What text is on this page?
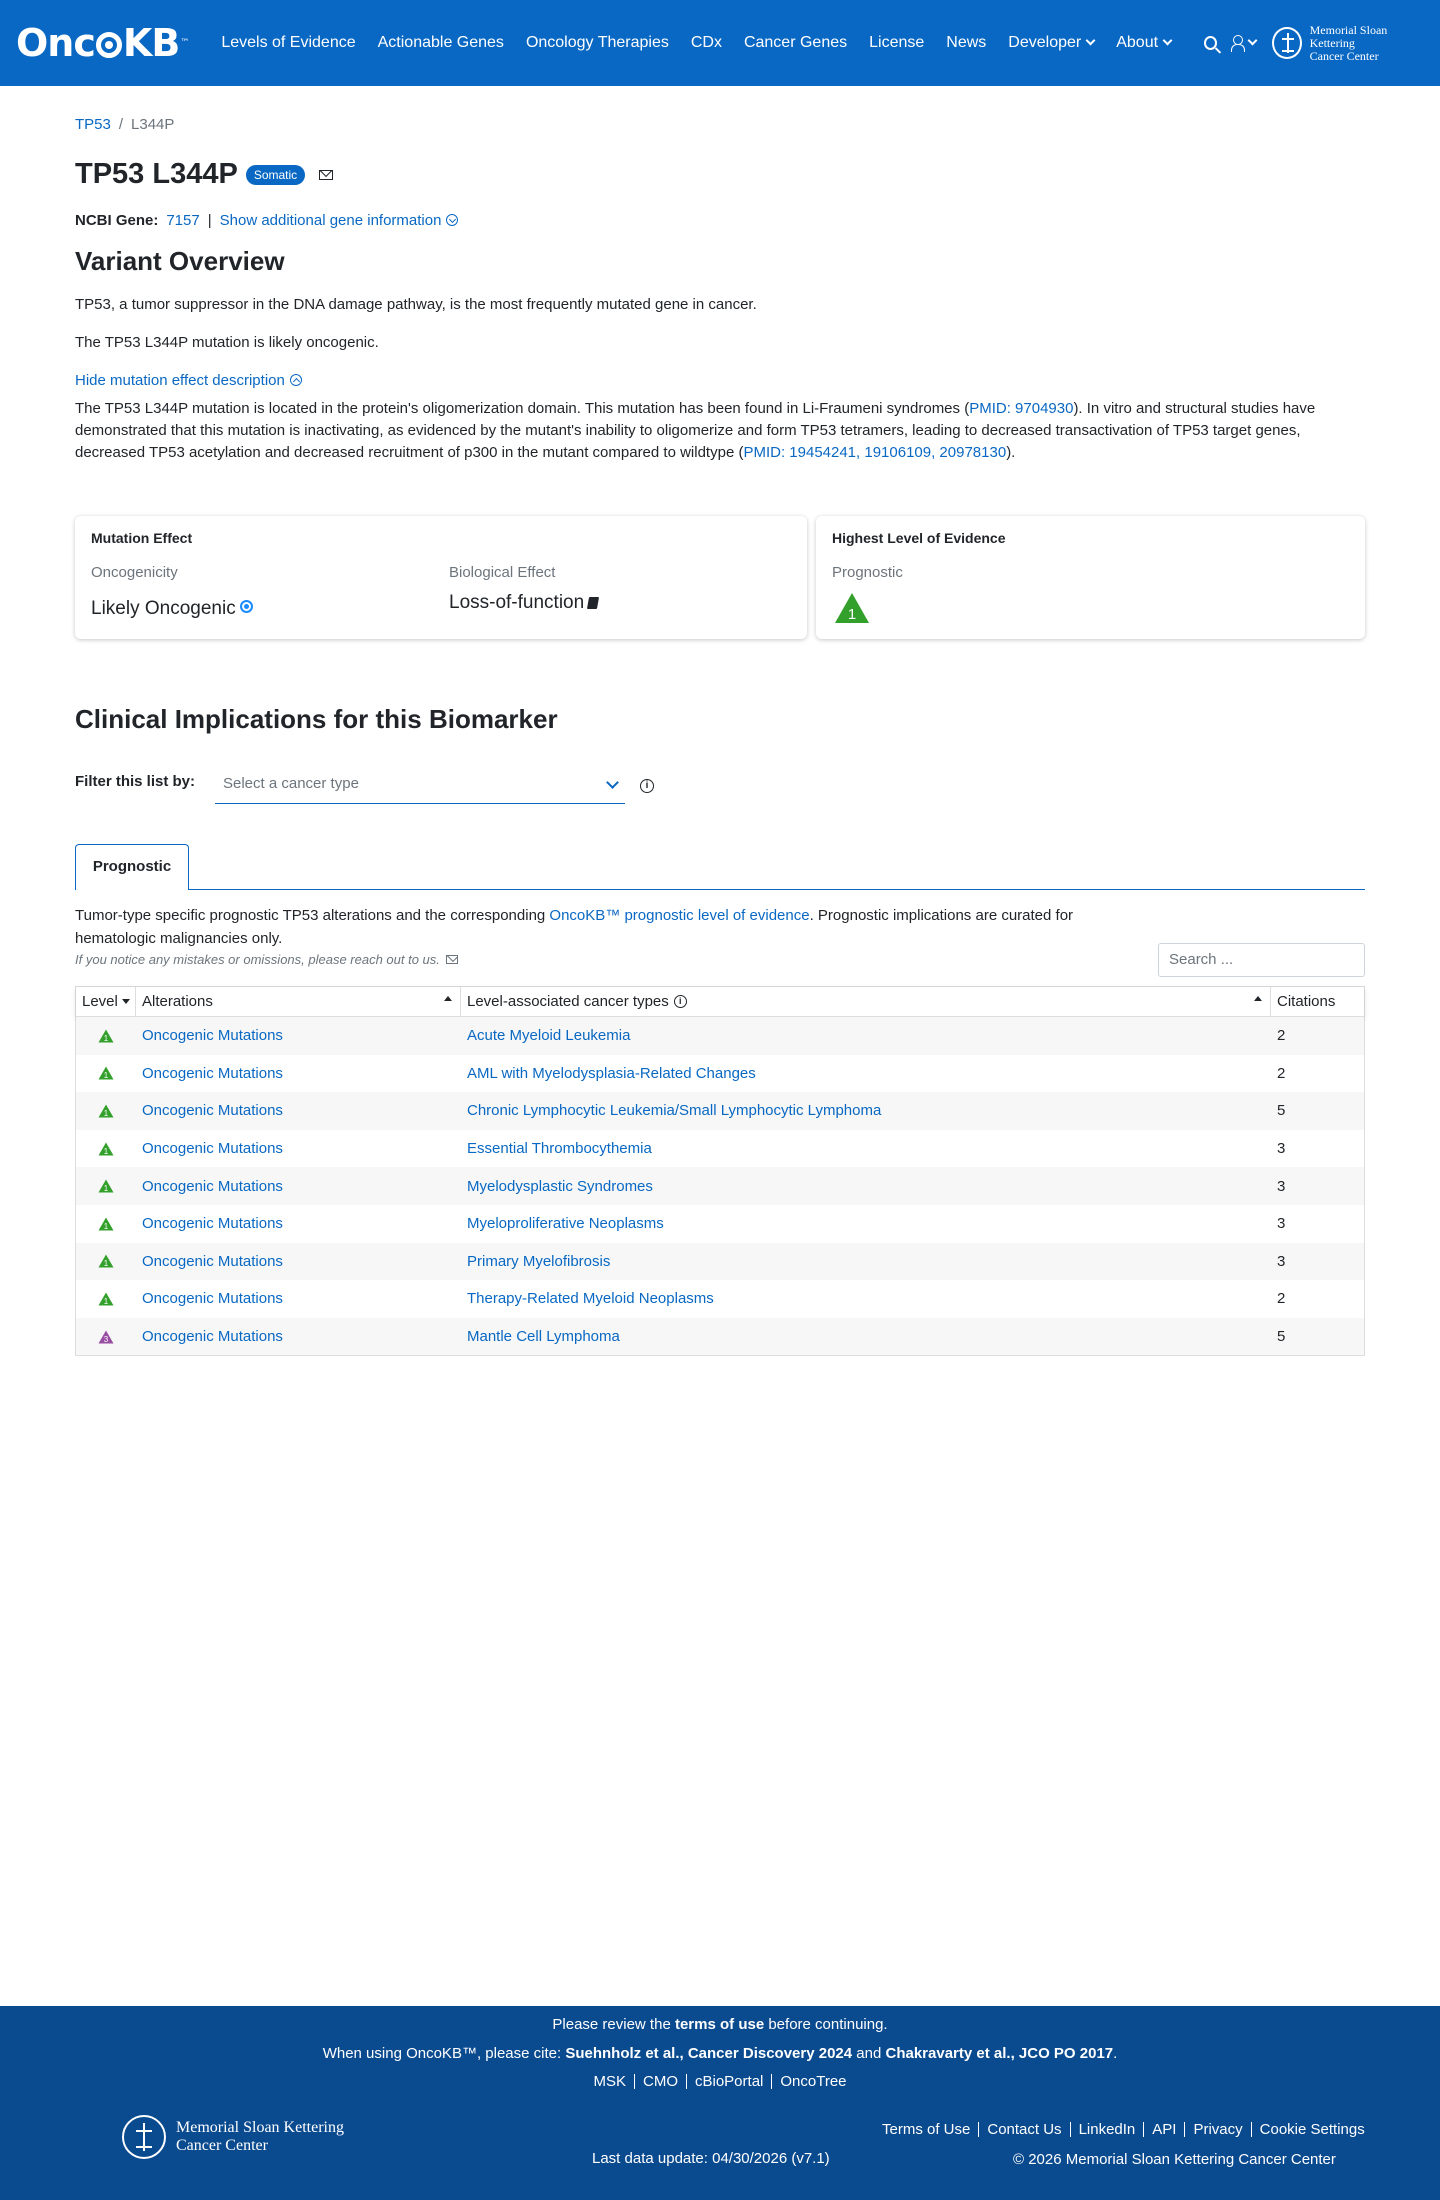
Onc KB ™ Levels of Evidence Actionable Genes Oncology Therapies CDx Cancer Genes License News Developer	About
Memorial Sloan Kettering
Cancer Center
TP53 / L344P
TP53 L344P	Somatic
NCBI Gene: 7157 | Show additional gene information
Variant Overview

TP53, a tumor suppressor in the DNA damage pathway, is the most frequently mutated gene in cancer.

The TP53 L344P mutation is likely oncogenic.

Hide mutation effect description

The TP53 L344P mutation is located in the protein's oligomerization domain. This mutation has been found in Li-Fraumeni syndromes (PMID: 9704930). In vitro and structural studies have demonstrated that this mutation is inactivating, as evidenced by the mutant's inability to oligomerize and form TP53 tetramers, leading to decreased transactivation of TP53 target genes, decreased TP53 acetylation and decreased recruitment of p300 in the mutant compared to wildtype (PMID: 19454241, 19106109, 20978130).

Mutation Effect
Oncogenicity
Likely Oncogenic
Biological Effect
Loss-of-function
Highest Level of Evidence
Prognostic
1
Clinical Implications for this Biomarker
Filter this list by:	Select a cancer type	i
Prognostic

Tumor-type specific prognostic TP53 alterations and the corresponding OncoKB™ prognostic level of evidence. Prognostic implications are curated for hematologic malignancies only.

If you notice any mistakes or omissions, please reach out to us.	Search ...
Level Alterations	Level-associated cancer types	i	Citations
1 Oncogenic Mutations	Acute Myeloid Leukemia	2
1 Oncogenic Mutations	AML with Myelodysplasia-Related Changes	2
1 Oncogenic Mutations	Chronic Lymphocytic Leukemia/Small Lymphocytic Lymphoma	5
1 Oncogenic Mutations	Essential Thrombocythemia	3
1 Oncogenic Mutations	Myelodysplastic Syndromes	3
1 Oncogenic Mutations	Myeloproliferative Neoplasms	3
1 Oncogenic Mutations	Primary Myelofibrosis	3
1 Oncogenic Mutations	Therapy-Related Myeloid Neoplasms	2
3 Oncogenic Mutations	Mantle Cell Lymphoma	5
Please review the terms of use before continuing.
When using OncoKB™, please cite: Suehnholz et al., Cancer Discovery 2024 and Chakravarty et al., JCO PO 2017.
MSK	CMO	cBioPortal	OncoTree
Memorial Sloan Kettering
Cancer Center
Last data update: 04/30/2026 (v7.1)
Terms of Use	Contact Us	LinkedIn	API	Privacy	Cookie Settings
© 2026 Memorial Sloan Kettering Cancer Center
